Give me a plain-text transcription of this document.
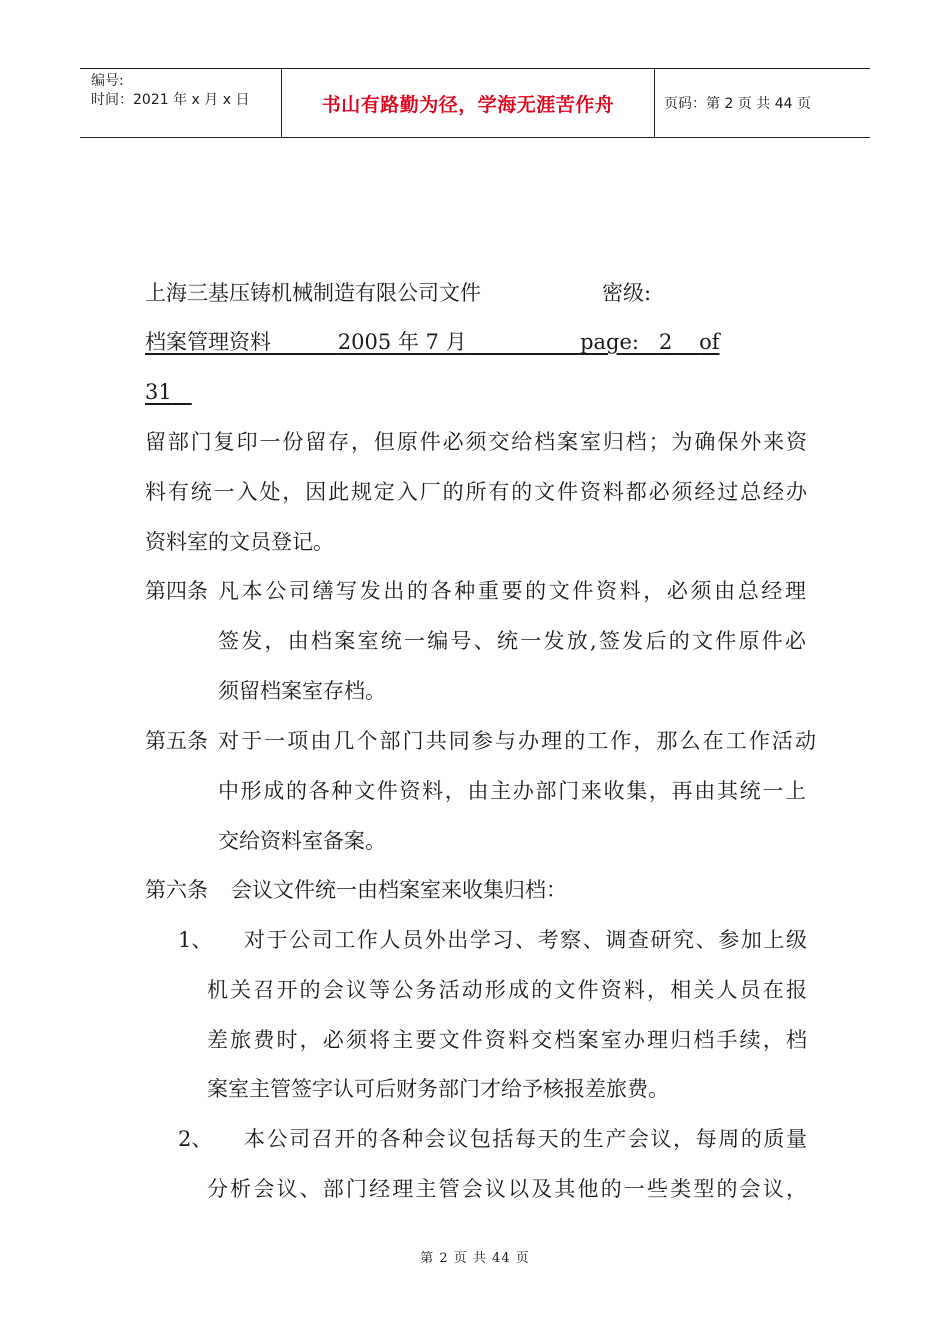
编号:
时间：2021 年 x 月 x 日	书山有路勤为径，学海无涯苦作舟	页码：第 2 页 共 44 页
上海三基压铸机械制造有限公司文件	密级:
档案管理资料	2005 年 7 月	page: 2 of
31
留部门复印一份留存，但原件必须交给档案室归档；为确保外来资
料有统一入处，因此规定入厂的所有的文件资料都必须经过总经办
资料室的文员登记。
第四条 凡本公司缮写发出的各种重要的文件资料，必须由总经理
签发，由档案室统一编号、统一发放,签发后的文件原件必
须留档案室存档。
第五条 对于一项由几个部门共同参与办理的工作，那么在工作活动
中形成的各种文件资料，由主办部门来收集，再由其统一上
交给资料室备案。
第六条 会议文件统一由档案室来收集归档：
1、 对于公司工作人员外出学习、考察、调查研究、参加上级
机关召开的会议等公务活动形成的文件资料，相关人员在报
差旅费时，必须将主要文件资料交档案室办理归档手续，档
案室主管签字认可后财务部门才给予核报差旅费。
2、 本公司召开的各种会议包括每天的生产会议，每周的质量
分析会议、部门经理主管会议以及其他的一些类型的会议，
第 2 页 共 44 页
